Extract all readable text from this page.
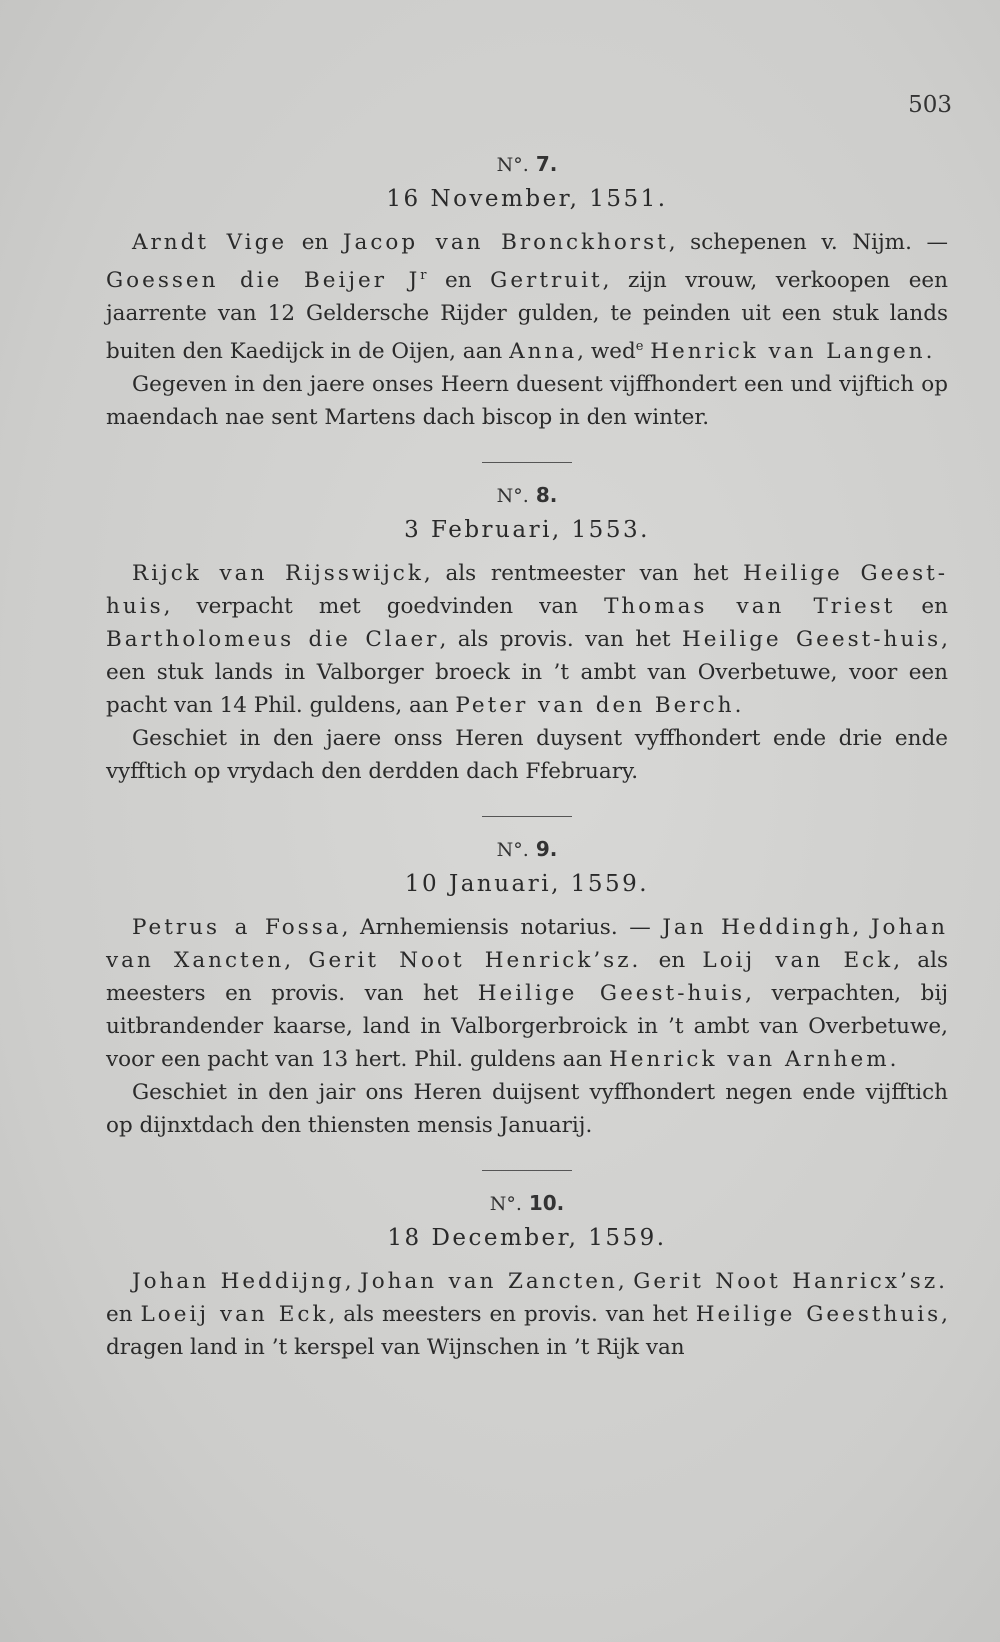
503
N°. 7.
16 November, 1551.

Arndt Vige en Jacop van Bronckhorst, schepenen v. Nijm. — Goessen die Beijer $J^r$ en Gertruit, zijn vrouw, verkoopen een jaarrente van 12 Geldersche Rijder gulden, te peinden uit een stuk lands buiten den Kaedijck in de Oijen, aan Anna, wed$^e$ Henrick van Langen.

Gegeven in den jaere onses Heern duesent vijffhondert een und vijftich op maendach nae sent Martens dach biscop in den winter.

N°. 8.
3 Februari, 1553.

Rijck van Rijsswijck, als rentmeester van het Heilige Geest-huis, verpacht met goedvinden van Thomas van Triest en Bartholomeus die Claer, als provis. van het Heilige Geest-huis, een stuk lands in Valborger broeck in ’t ambt van Overbetuwe, voor een pacht van 14 Phil. guldens, aan Peter van den Berch.

Geschiet in den jaere onss Heren duysent vyffhondert ende drie ende vyfftich op vrydach den derdden dach Ffebruary.

N°. 9.
10 Januari, 1559.

Petrus a Fossa, Arnhemiensis notarius. — Jan Heddingh, Johan van Xancten, Gerit Noot Henrick’sz. en Loij van Eck, als meesters en provis. van het Heilige Geest-huis, verpachten, bij uitbrandender kaarse, land in Valborgerbroick in ’t ambt van Overbetuwe, voor een pacht van 13 hert. Phil. guldens aan Henrick van Arnhem.

Geschiet in den jair ons Heren duijsent vyffhondert negen ende vijfftich op dijnxtdach den thiensten mensis Januarij.

N°. 10.
18 December, 1559.

Johan Heddijng, Johan van Zancten, Gerit Noot Hanricx’sz. en Loeij van Eck, als meesters en provis. van het Heilige Geesthuis, dragen land in ’t kerspel van Wijnschen in ’t Rijk van
